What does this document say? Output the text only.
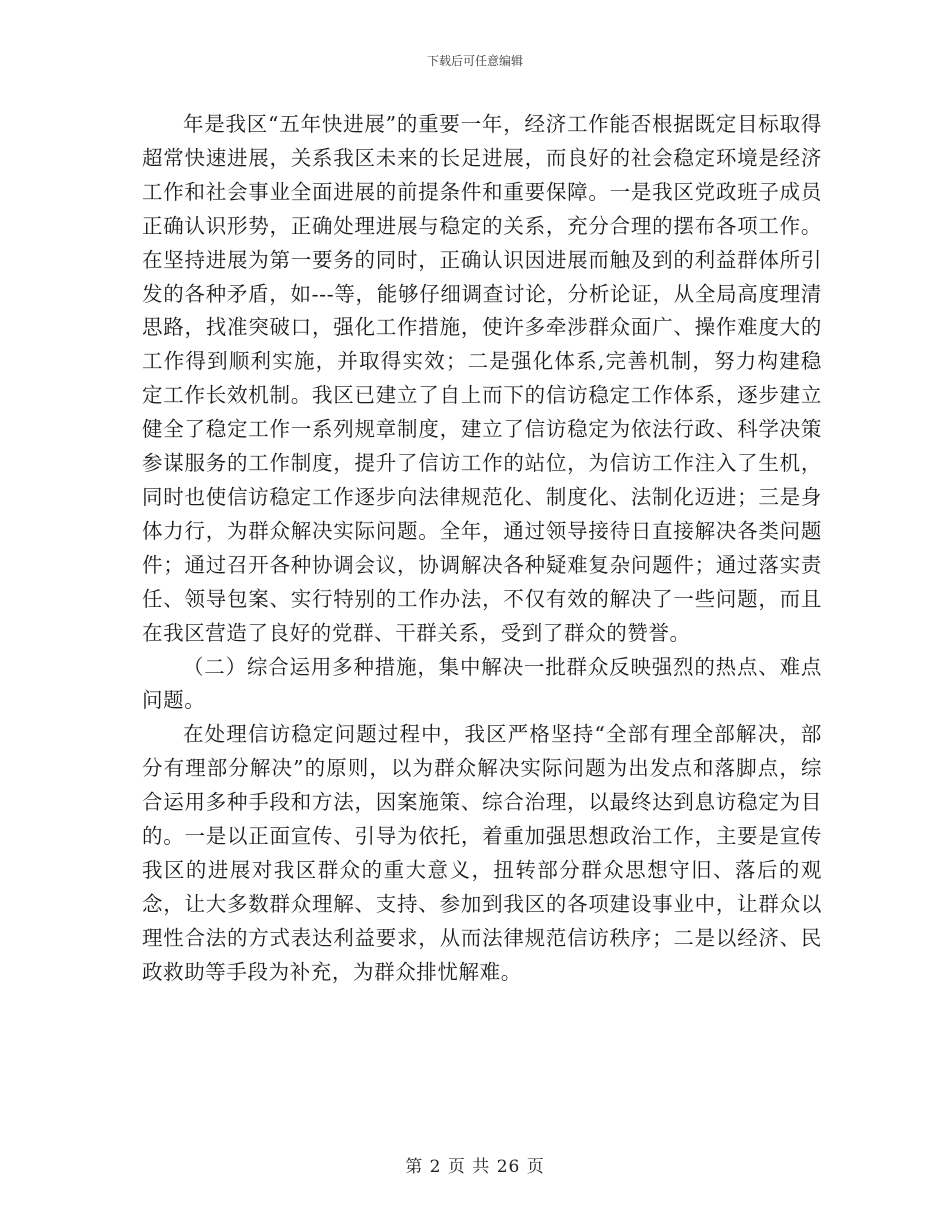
下载后可任意编辑

年是我区“五年快进展”的重要一年，经济工作能否根据既定目标取得超常快速进展，关系我区未来的长足进展，而良好的社会稳定环境是经济工作和社会事业全面进展的前提条件和重要保障。一是我区党政班子成员正确认识形势，正确处理进展与稳定的关系，充分合理的摆布各项工作。在坚持进展为第一要务的同时，正确认识因进展而触及到的利益群体所引发的各种矛盾，如---等，能够仔细调查讨论，分析论证，从全局高度理清思路，找准突破口，强化工作措施，使许多牵涉群众面广、操作难度大的工作得到顺利实施，并取得实效；二是强化体系,完善机制，努力构建稳定工作长效机制。我区已建立了自上而下的信访稳定工作体系，逐步建立健全了稳定工作一系列规章制度，建立了信访稳定为依法行政、科学决策参谋服务的工作制度，提升了信访工作的站位，为信访工作注入了生机，同时也使信访稳定工作逐步向法律规范化、制度化、法制化迈进；三是身体力行，为群众解决实际问题。全年，通过领导接待日直接解决各类问题件；通过召开各种协调会议，协调解决各种疑难复杂问题件；通过落实责任、领导包案、实行特别的工作办法，不仅有效的解决了一些问题，而且在我区营造了良好的党群、干群关系，受到了群众的赞誉。

（二）综合运用多种措施，集中解决一批群众反映强烈的热点、难点问题。

在处理信访稳定问题过程中，我区严格坚持“全部有理全部解决，部分有理部分解决”的原则，以为群众解决实际问题为出发点和落脚点，综合运用多种手段和方法，因案施策、综合治理，以最终达到息访稳定为目的。一是以正面宣传、引导为依托，着重加强思想政治工作，主要是宣传我区的进展对我区群众的重大意义，扭转部分群众思想守旧、落后的观念，让大多数群众理解、支持、参加到我区的各项建设事业中，让群众以理性合法的方式表达利益要求，从而法律规范信访秩序；二是以经济、民政救助等手段为补充，为群众排忧解难。

第 2 页 共 26 页
